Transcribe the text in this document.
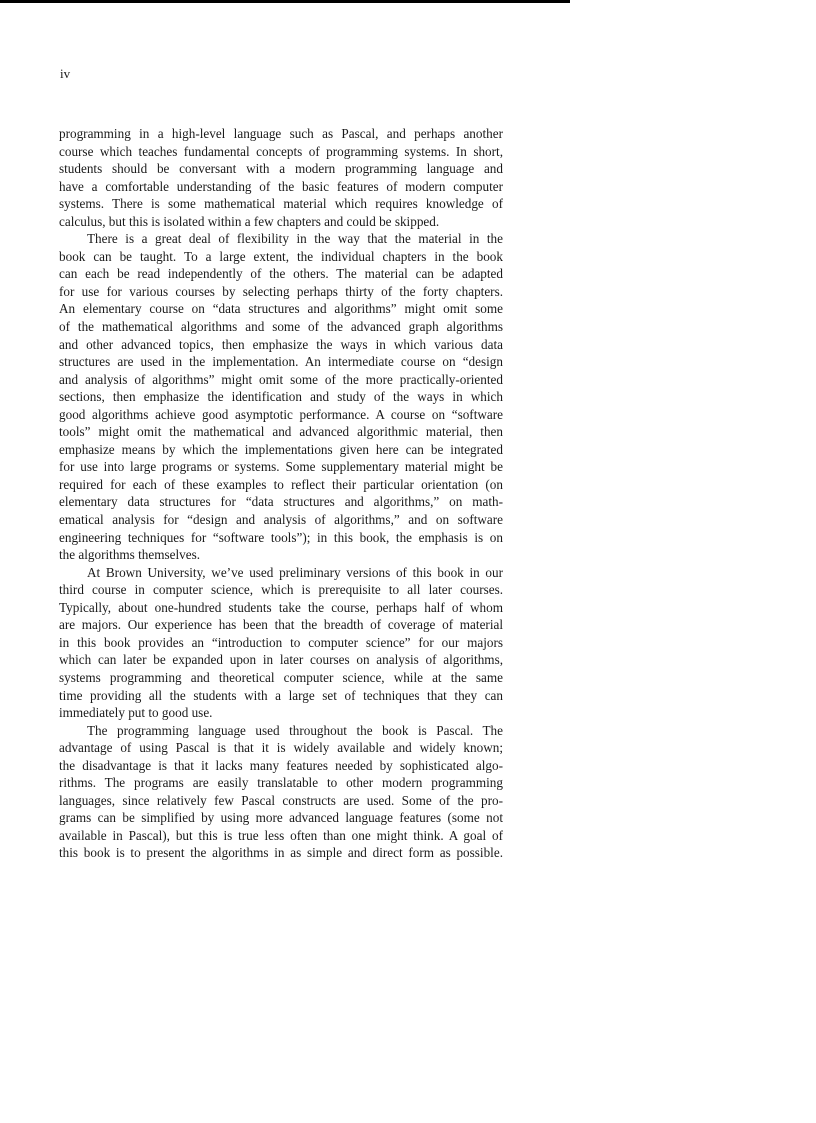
iv
programming in a high-level language such as Pascal, and perhaps another
course which teaches fundamental concepts of programming systems. In short,
students should be conversant with a modern programming language and
have a comfortable understanding of the basic features of modern computer
systems. There is some mathematical material which requires knowledge of
calculus, but this is isolated within a few chapters and could be skipped.
There is a great deal of flexibility in the way that the material in the
book can be taught. To a large extent, the individual chapters in the book
can each be read independently of the others. The material can be adapted
for use for various courses by selecting perhaps thirty of the forty chapters.
An elementary course on “data structures and algorithms” might omit some
of the mathematical algorithms and some of the advanced graph algorithms
and other advanced topics, then emphasize the ways in which various data
structures are used in the implementation. An intermediate course on “design
and analysis of algorithms” might omit some of the more practically-oriented
sections, then emphasize the identification and study of the ways in which
good algorithms achieve good asymptotic performance. A course on “software
tools” might omit the mathematical and advanced algorithmic material, then
emphasize means by which the implementations given here can be integrated
for use into large programs or systems. Some supplementary material might be
required for each of these examples to reflect their particular orientation (on
elementary data structures for “data structures and algorithms,” on math-
ematical analysis for “design and analysis of algorithms,” and on software
engineering techniques for “software tools”); in this book, the emphasis is on
the algorithms themselves.
At Brown University, we’ve used preliminary versions of this book in our
third course in computer science, which is prerequisite to all later courses.
Typically, about one-hundred students take the course, perhaps half of whom
are majors. Our experience has been that the breadth of coverage of material
in this book provides an “introduction to computer science” for our majors
which can later be expanded upon in later courses on analysis of algorithms,
systems programming and theoretical computer science, while at the same
time providing all the students with a large set of techniques that they can
immediately put to good use.
The programming language used throughout the book is Pascal. The
advantage of using Pascal is that it is widely available and widely known;
the disadvantage is that it lacks many features needed by sophisticated algo-
rithms. The programs are easily translatable to other modern programming
languages, since relatively few Pascal constructs are used. Some of the pro-
grams can be simplified by using more advanced language features (some not
available in Pascal), but this is true less often than one might think. A goal of
this book is to present the algorithms in as simple and direct form as possible.
